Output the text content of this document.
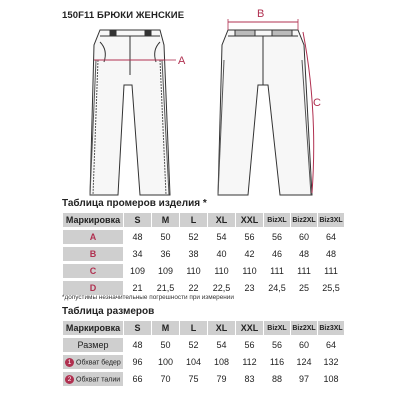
150F11 БРЮКИ ЖЕНСКИЕ
A
B
C
Таблица промеров изделия *
Маркировка	S	M	L	XL	XXL	BizXL	Biz2XL	Biz3XL
A	48	50	52	54	56	56	60	64
B	34	36	38	40	42	46	48	48
C	109	109	110	110	110	111	111	111
D	21	21,5	22	22,5	23	24,5	25	25,5
*допустимы незначительные погрешности при измерении
Таблица размеров
Маркировка	S	M	L	XL	XXL	BizXL	Biz2XL	Biz3XL
Размер	48	50	52	54	56	56	60	64
1 Обхват бедер	96	100	104	108	112	116	124	132
2 Обхват талии	66	70	75	79	83	88	97	108
